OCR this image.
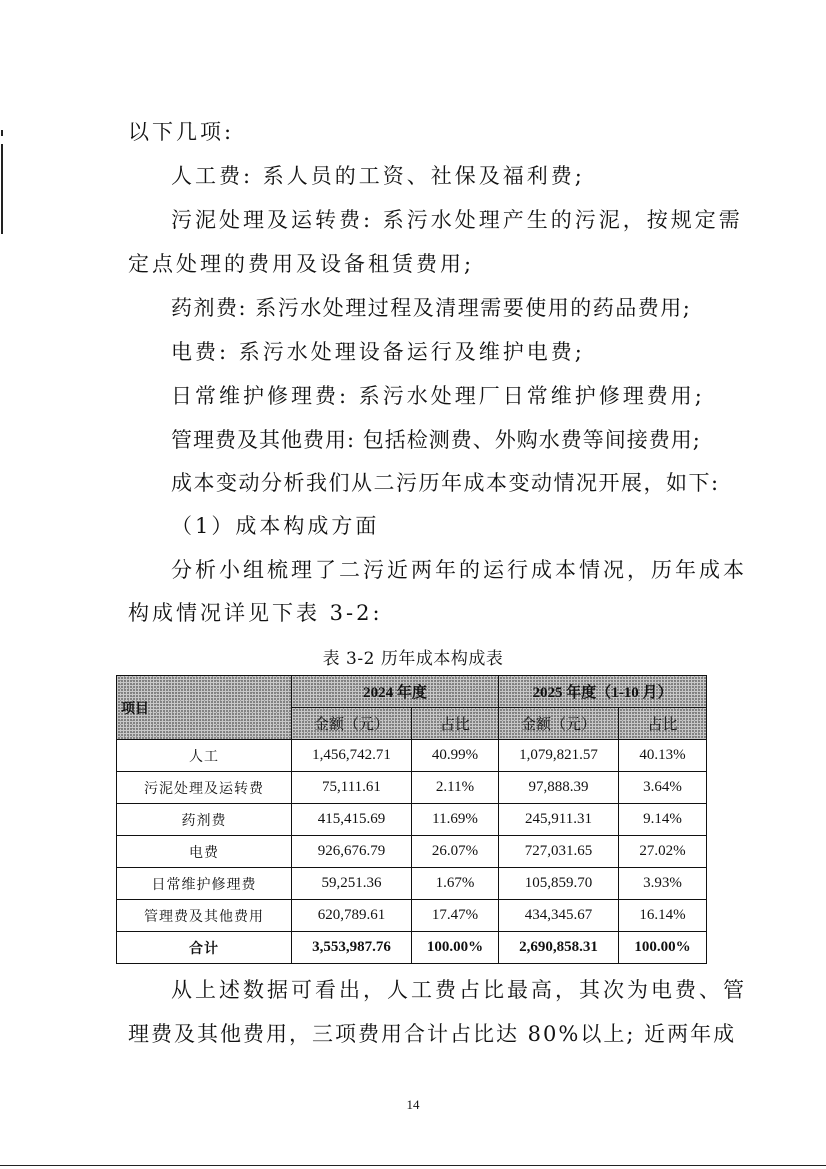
以下几项:
人工费: 系人员的工资、社保及福利费;
污泥处理及运转费: 系污水处理产生的污泥，按规定需
定点处理的费用及设备租赁费用;
药剂费: 系污水处理过程及清理需要使用的药品费用;
电费: 系污水处理设备运行及维护电费;
日常维护修理费: 系污水处理厂日常维护修理费用;
管理费及其他费用: 包括检测费、外购水费等间接费用;
成本变动分析我们从二污历年成本变动情况开展，如下:
（1）成本构成方面
分析小组梳理了二污近两年的运行成本情况，历年成本
构成情况详见下表 3-2:
表 3-2 历年成本构成表
项目	2024 年度		2025 年度（1-10 月）	
	金额（元）	占比	金额（元）	占比
人工	1,456,742.71	40.99%	1,079,821.57	40.13%
污泥处理及运转费	75,111.61	2.11%	97,888.39	3.64%
药剂费	415,415.69	11.69%	245,911.31	9.14%
电费	926,676.79	26.07%	727,031.65	27.02%
日常维护修理费	59,251.36	1.67%	105,859.70	3.93%
管理费及其他费用	620,789.61	17.47%	434,345.67	16.14%
合计	3,553,987.76	100.00%	2,690,858.31	100.00%
从上述数据可看出，人工费占比最高，其次为电费、管
理费及其他费用，三项费用合计占比达 80%以上; 近两年成
14
